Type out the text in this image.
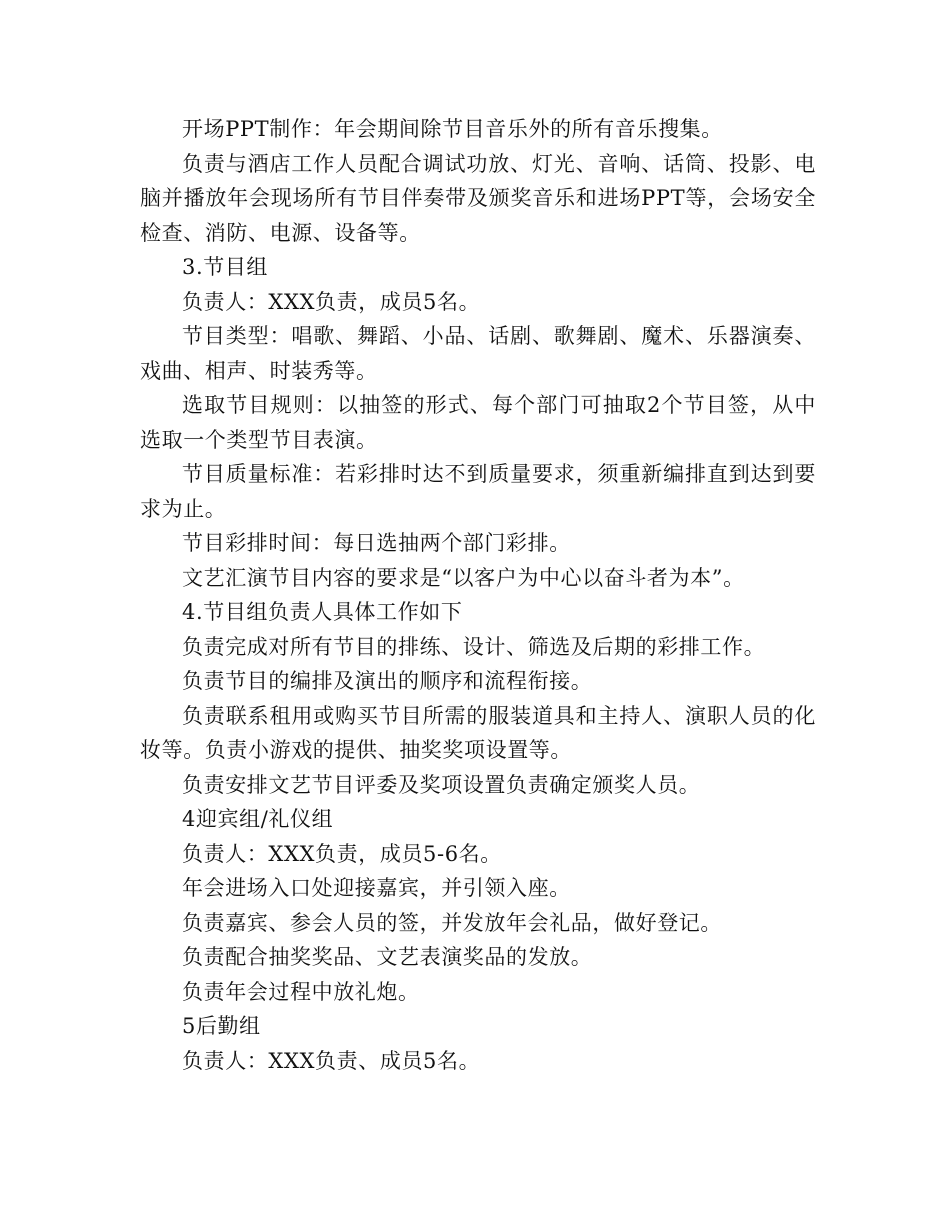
开场PPT制作：年会期间除节目音乐外的所有音乐搜集。

负责与酒店工作人员配合调试功放、灯光、音响、话筒、投影、电脑并播放年会现场所有节目伴奏带及颁奖音乐和进场PPT等，会场安全检查、消防、电源、设备等。

3.节目组

负责人：XXX负责，成员5名。

节目类型：唱歌、舞蹈、小品、话剧、歌舞剧、魔术、乐器演奏、戏曲、相声、时装秀等。

选取节目规则：以抽签的形式、每个部门可抽取2个节目签，从中选取一个类型节目表演。

节目质量标准：若彩排时达不到质量要求，须重新编排直到达到要求为止。

节目彩排时间：每日选抽两个部门彩排。

文艺汇演节目内容的要求是“以客户为中心以奋斗者为本”。

4.节目组负责人具体工作如下

负责完成对所有节目的排练、设计、筛选及后期的彩排工作。

负责节目的编排及演出的顺序和流程衔接。

负责联系租用或购买节目所需的服装道具和主持人、演职人员的化妆等。负责小游戏的提供、抽奖奖项设置等。

负责安排文艺节目评委及奖项设置负责确定颁奖人员。

4迎宾组/礼仪组

负责人：XXX负责，成员5-6名。

年会进场入口处迎接嘉宾，并引领入座。

负责嘉宾、参会人员的签，并发放年会礼品，做好登记。

负责配合抽奖奖品、文艺表演奖品的发放。

负责年会过程中放礼炮。

5后勤组

负责人：XXX负责、成员5名。
